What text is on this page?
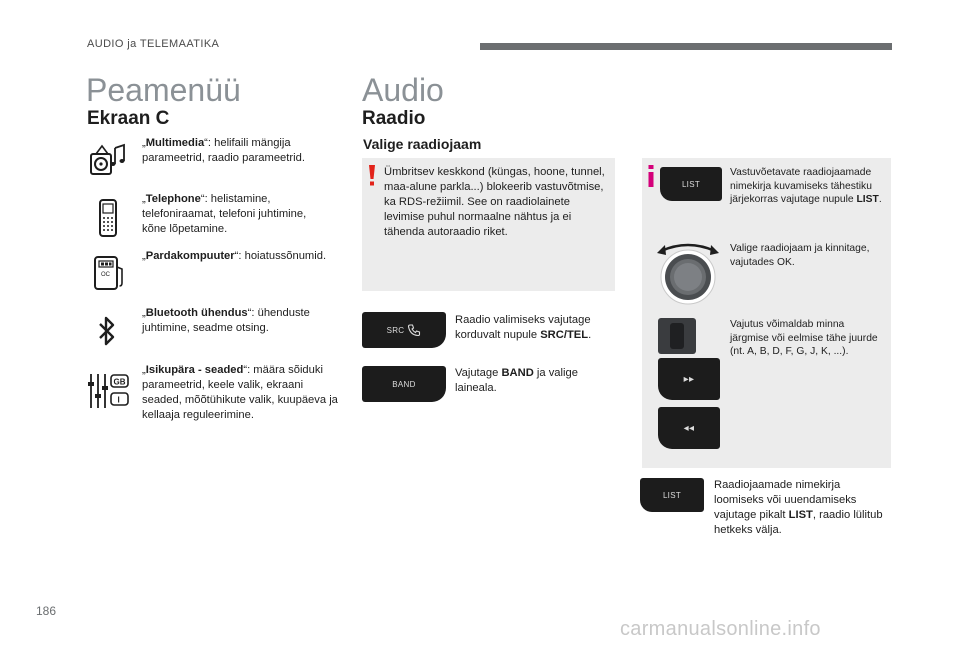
AUDIO ja TELEMAATIKA
Peamenüü
Ekraan C
„Multimedia“: helifaili mängija parameetrid, raadio parameetrid.
„Telephone“: helistamine, telefoniraamat, telefoni juhtimine, kõne lõpetamine.
OC
„Pardakompuuter“: hoiatussõnumid.
„Bluetooth ühendus“: ühenduste juhtimine, seadme otsing.
GB
I
„Isikupära - seaded“: määra sõiduki parameetrid, keele valik, ekraani seaded, mõõtühikute valik, kuupäeva ja kellaaja reguleerimine.
Audio
Raadio
Valige raadiojaam
Ümbritsev keskkond (küngas, hoone, tunnel, maa-alune parkla...) blokeerib vastuvõtmise, ka RDS-režiimil. See on raadiolainete levimise puhul normaalne nähtus ja ei tähenda autoraadio riket.
SRC
Raadio valimiseks vajutage korduvalt nupule SRC/TEL.
BAND
Vajutage BAND ja valige laineala.
LIST
Vastuvõetavate raadiojaamade nimekirja kuvamiseks tähestiku järjekorras vajutage nupule LIST.
Valige raadiojaam ja kinnitage, vajutades OK.
▸▸
◂◂
Vajutus võimaldab minna järgmise või eelmise tähe juurde (nt. A, B, D, F, G, J, K, ...).
LIST
Raadiojaamade nimekirja loomiseks või uuendamiseks vajutage pikalt LIST, raadio lülitub hetkeks välja.
186
carmanualsonline.info
